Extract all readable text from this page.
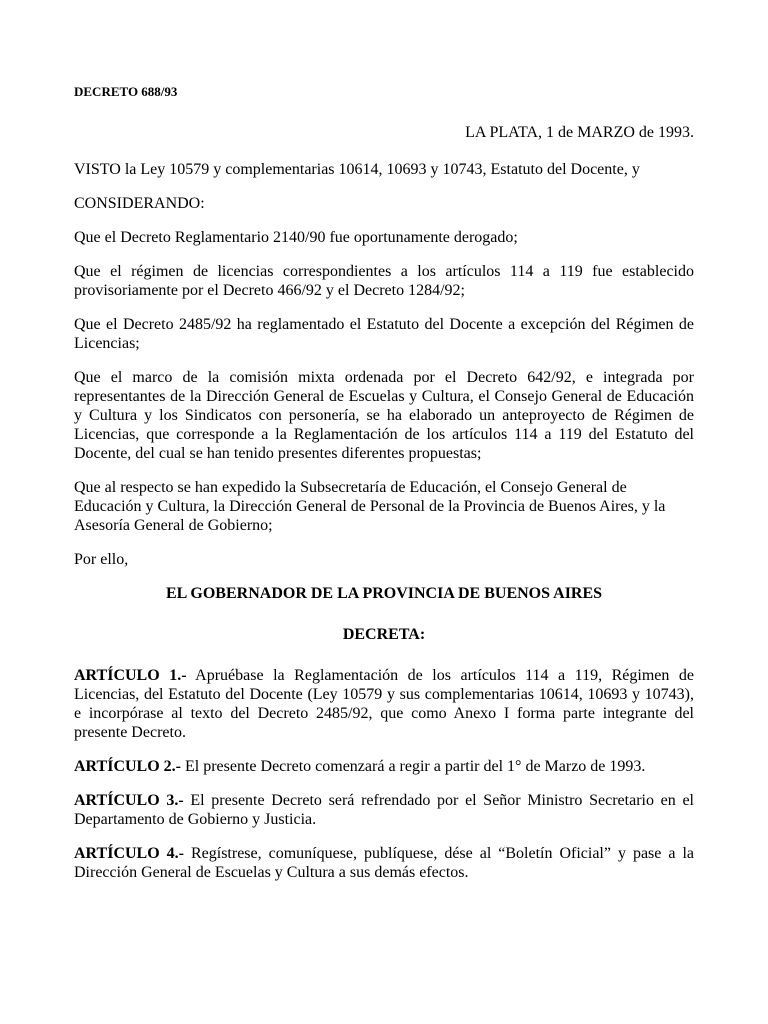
DECRETO 688/93
LA PLATA, 1 de MARZO de 1993.

VISTO la Ley 10579 y complementarias 10614, 10693 y 10743, Estatuto del Docente, y

CONSIDERANDO:

Que el Decreto Reglamentario 2140/90 fue oportunamente derogado;

Que el régimen de licencias correspondientes a los artículos 114 a 119 fue establecido provisoriamente por el Decreto 466/92 y el Decreto 1284/92;

Que el Decreto 2485/92 ha reglamentado el Estatuto del Docente a excepción del Régimen de Licencias;

Que el marco de la comisión mixta ordenada por el Decreto 642/92, e integrada por representantes de la Dirección General de Escuelas y Cultura, el Consejo General de Educación y Cultura y los Sindicatos con personería, se ha elaborado un anteproyecto de Régimen de Licencias, que corresponde a la Reglamentación de los artículos 114 a 119 del Estatuto del Docente, del cual se han tenido presentes diferentes propuestas;

Que al respecto se han expedido la Subsecretaría de Educación, el Consejo General de Educación y Cultura, la Dirección General de Personal de la Provincia de Buenos Aires, y la Asesoría General de Gobierno;

Por ello,

EL GOBERNADOR DE LA PROVINCIA DE BUENOS AIRES

DECRETA:

ARTÍCULO 1.- Apruébase la Reglamentación de los artículos 114 a 119, Régimen de Licencias, del Estatuto del Docente (Ley 10579 y sus complementarias 10614, 10693 y 10743), e incorpórase al texto del Decreto 2485/92, que como Anexo I forma parte integrante del presente Decreto.

ARTÍCULO 2.- El presente Decreto comenzará a regir a partir del 1° de Marzo de 1993.

ARTÍCULO 3.- El presente Decreto será refrendado por el Señor Ministro Secretario en el Departamento de Gobierno y Justicia.

ARTÍCULO 4.- Regístrese, comuníquese, publíquese, dése al “Boletín Oficial” y pase a la Dirección General de Escuelas y Cultura a sus demás efectos.
